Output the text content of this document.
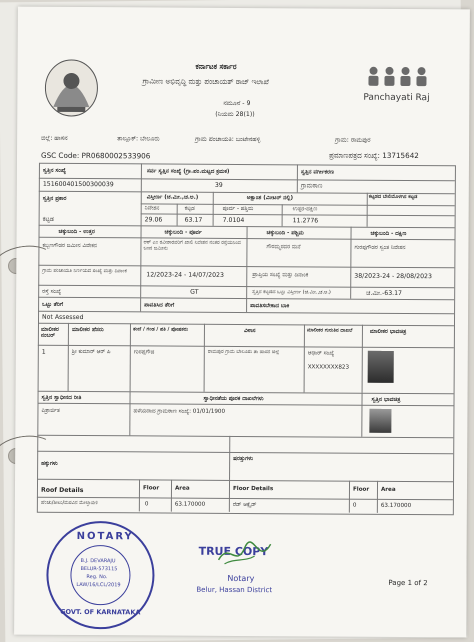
ಕರ್ನಾಟಕ ಸರ್ಕಾರ
ಗ್ರಾಮೀಣ ಅಭಿವೃದ್ಧಿ ಮತ್ತು ಪಂಚಾಯತ್ ರಾಜ್ ಇಲಾಖೆ
ನಮೂನೆ - 9
(ನಿಯಮ 28(1))
Panchayati Raj
ಜಿಲ್ಲೆ: ಹಾಸನ	ತಾಲ್ಲೂಕ್: ಬೇಲೂರು	ಗ್ರಾಮ ಪಂಚಾಯತಿ: ಬಂಟೇನಹಳ್ಳಿ	ಗ್ರಾಮ: ರಾಮಪುರ
GSC Code: PR0680002533906	ಪ್ರಮಾಣಪತ್ರದ ಸಂಖ್ಯೆ: 13715642
ಸ್ವತ್ತಿನ ಸಂಖ್ಯೆ	ಸರ್ವ ಸ್ವತ್ತಿನ ಸಂಖ್ಯೆ (ಗ್ರಾ.ಪಂ.ಮಟ್ಟದ ಕ್ರಮಕ)	ಸ್ವತ್ತಿನ ವರ್ಗೀಕರಣ
151600401500300039	39	ಗ್ರಾಮಠಾಣ
ಸ್ವತ್ತಿನ ಪ್ರಕಾರ	ವಿಸ್ತೀರ್ಣ (ಚ.ಮೀ.,ಚ.ಅ.)	ಅಕ್ಷಾಂಶ (ಮೀಟರ್ ನಲ್ಲಿ)	ಕಟ್ಟಡದ ಬೇಲಿಯೊಳಗಿನ ಕಟ್ಟಡ
ನಿವೇಶನ	ಕಟ್ಟಡ	ಪೂರ್ವ - ಪಶ್ಚಿಮ	ಉತ್ತರ-ದಕ್ಷಿಣ
ಕಟ್ಟಡ	29.06	63.17	7.0104	11.2776
ಚಕ್ಕುಬಂದಿ - ಉತ್ತರ	ಚಕ್ಕುಬಂದಿ - ಪೂರ್ವ	ಚಕ್ಕುಬಂದಿ - ಪಶ್ಚಿಮ	ಚಕ್ಕುಬಂದಿ - ದಕ್ಷಿಣ
ಕಬ್ಬಣಗೌಡರ ಜಮೀನ ವಿವೇಕನ	ಆರ್ ಎಂ ರವೀಶಾರವರಿಗೆ ಖಾಲಿ ನಿವೇಶನ ನಂತರ ರಸ್ತೆಯನಿಂದ ಬಂದ ಜಮೀನು	ಗೌರಮ್ಮರವರ ಮನೆ	ಗುರಪ್ಪಗೌಡರ ಸ್ವಂತ ನಿವೇಶನ
ಗ್ರಾಮ ಪಂಚಾಯತಿ ನಿರ್ಣಯದ ಸಂಖ್ಯೆ ಮತ್ತು ದಿನಾಂಕ
12/2023-24 - 14/07/2023	ಪ್ರಾಪ್ತಿಯ ಸಂಖ್ಯೆ ಮತ್ತು ದಿನಾಂಕ	38/2023-24 - 28/08/2023
ರಸ್ತೆ ಸಂಖ್ಯೆ	GT	ಸ್ವತ್ತಿನ ಕಟ್ಟಡದ ಒಟ್ಟು ವಿಸ್ತೀರ್ಣ (ಚ.ಮೀ.,ಚ.ಅ.)	ಚ.ಮೀ.-63.17
ಒಟ್ಟು ತೆರಿಗೆ	ಪಾವತಿಸಿದ ತೆರಿಗೆ	ಪಾವತಿಸಬೇಕಾದ ಬಾಕಿ
Not Assessed
ಮಾಲೀಕರ ನಂಬರ್
ಮಾಲೀಕರ ಹೆಸರು	ತಂದೆ / ಗಂಡ / ಪತಿ / ಪೋಷಕರು	ವಿಳಾಸ	ಮಾಲೀಕರ ಗುರುತಿನ ದಾಖಲೆ	ಮಾಲೀಕರ ಭಾವಚಿತ್ರ
1	ಶ್ರೀ ಕುಮಾರ್ ಆರ್ ಪಿ	ಗುರಪ್ಪಗೌಡ	ರಾಮಪುರ ಗ್ರಾಮ ಬೇಲೂರು ತಾ ಹಾಸನ ಜಿಲ್ಲೆ	ಆಧಾರ್ ಸಂಖ್ಯೆ
XXXXXXXX823
ಸ್ವತ್ತಿನ ಸ್ವಾಧೀನದ ರೀತಿ	ಸ್ವಾಧೀನತೆಯ ಪೂರಕ ದಾಖಲೆಗಳು	ಸ್ವತ್ತಿನ ಭಾವಚಿತ್ರ
ಪಿತ್ರಾರ್ಜಿತ	ಹಳೆಯದಾದ ಗ್ರಾಮಠಾಣ ಸಂಖ್ಯೆ: 01/01/1900
ಹಕ್ಕುಗಳು
ಷರತ್ತುಗಳು
Roof Details	Floor	Area	Floor Details	Floor Area
ಹೆಂಚು/ಶೀಟು/ಮರವಿನ ಮೇಲ್ಛಾವಣಿ	0	63.170000	ರೆಡ್ ಆಕ್ಸೈಡ್	0	63.170000
NOTARY
B.J. DEVARAJU
BELUR-573115
Reg. No.
LAW/16/LCL/2019
GOVT. OF KARNATAKA
TRUE COPY
Notary
Belur, Hassan District
Page 1 of 2
